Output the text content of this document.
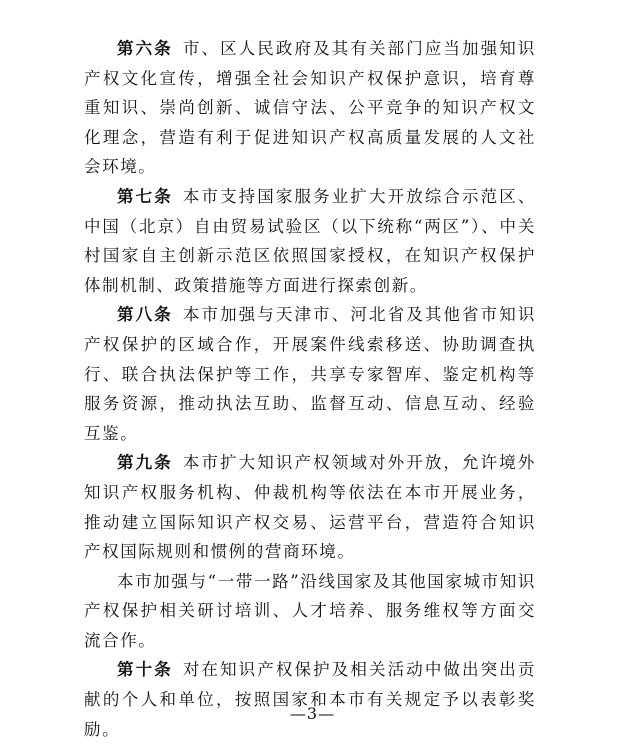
第六条 市、区人民政府及其有关部门应当加强知识产权文化宣传，增强全社会知识产权保护意识，培育尊重知识、崇尚创新、诚信守法、公平竞争的知识产权文化理念，营造有利于促进知识产权高质量发展的人文社会环境。

第七条 本市支持国家服务业扩大开放综合示范区、中国（北京）自由贸易试验区（以下统称“两区”）、中关村国家自主创新示范区依照国家授权，在知识产权保护体制机制、政策措施等方面进行探索创新。

第八条 本市加强与天津市、河北省及其他省市知识产权保护的区域合作，开展案件线索移送、协助调查执行、联合执法保护等工作，共享专家智库、鉴定机构等服务资源，推动执法互助、监督互动、信息互动、经验互鉴。

第九条 本市扩大知识产权领域对外开放，允许境外知识产权服务机构、仲裁机构等依法在本市开展业务，推动建立国际知识产权交易、运营平台，营造符合知识产权国际规则和惯例的营商环境。

本市加强与“一带一路”沿线国家及其他国家城市知识产权保护相关研讨培训、人才培养、服务维权等方面交流合作。

第十条 对在知识产权保护及相关活动中做出突出贡献的个人和单位，按照国家和本市有关规定予以表彰奖励。

—3—
